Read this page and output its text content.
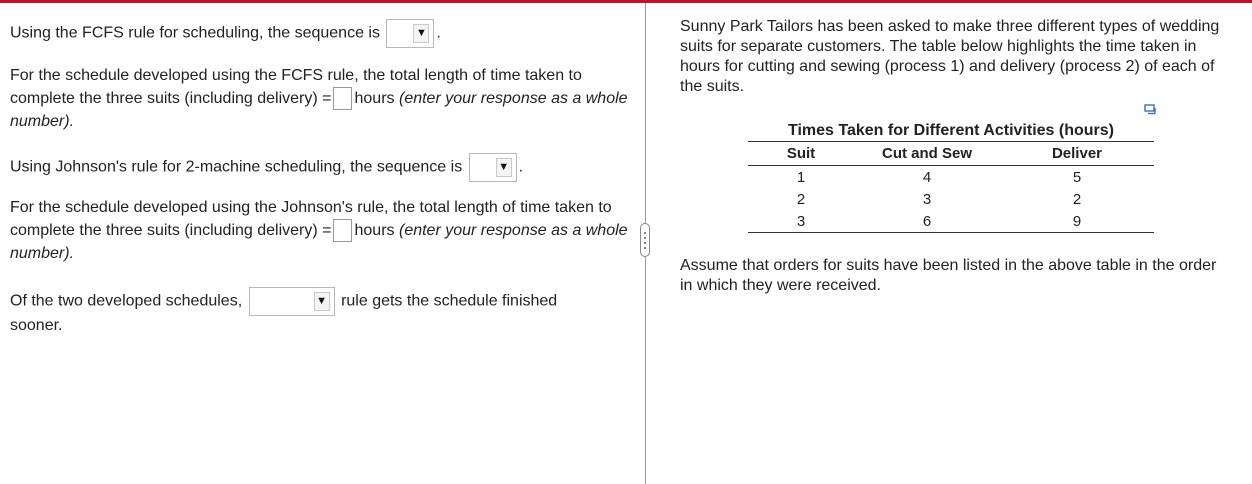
Using the FCFS rule for scheduling, the sequence is	▼ .
For the schedule developed using the FCFS rule, the total length of time taken to complete the three suits (including delivery) = hours (enter your response as a whole number).
Using Johnson's rule for 2-machine scheduling, the sequence is	▼ .
For the schedule developed using the Johnson's rule, the total length of time taken to complete the three suits (including delivery) = hours (enter your response as a whole number).
Of the two developed schedules,	▼ rule gets the schedule finished
sooner.
Sunny Park Tailors has been asked to make three different types of wedding suits for separate customers. The table below highlights the time taken in hours for cutting and sewing (process 1) and delivery (process 2) of each of the suits.
Times Taken for Different Activities (hours)
Suit	Cut and Sew	Deliver
1	4	5
2	3	2
3	6	9
Assume that orders for suits have been listed in the above table in the order in which they were received.
